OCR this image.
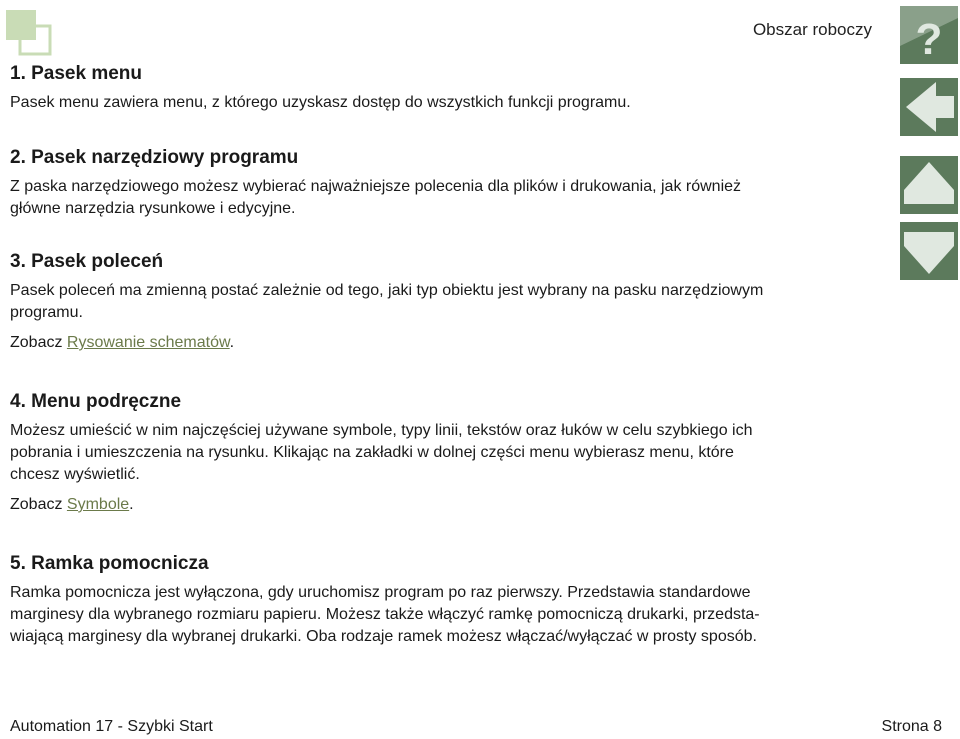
Obszar roboczy
1. Pasek menu

Pasek menu zawiera menu, z którego uzyskasz dostęp do wszystkich funkcji programu.

2. Pasek narzędziowy programu

Z paska narzędziowego możesz wybierać najważniejsze polecenia dla plików i drukowania, jak również

główne narzędzia rysunkowe i edycyjne.

3. Pasek poleceń

Pasek poleceń ma zmienną postać zależnie od tego, jaki typ obiektu jest wybrany na pasku narzędziowym

programu.

Zobacz Rysowanie schematów.

4. Menu podręczne

Możesz umieścić w nim najczęściej używane symbole, typy linii, tekstów oraz łuków w celu szybkiego ich

pobrania i umieszczenia na rysunku. Klikając na zakładki w dolnej części menu wybierasz menu, które

chcesz wyświetlić.

Zobacz Symbole.

5. Ramka pomocnicza

Ramka pomocnicza jest wyłączona, gdy uruchomisz program po raz pierwszy. Przedstawia standardowe

marginesy dla wybranego rozmiaru papieru. Możesz także włączyć ramkę pomocniczą drukarki, przedsta-

wiającą marginesy dla wybranej drukarki. Oba rodzaje ramek możesz włączać/wyłączać w prosty sposób.

?
Automation 17 - Szybki Start	Strona 8
